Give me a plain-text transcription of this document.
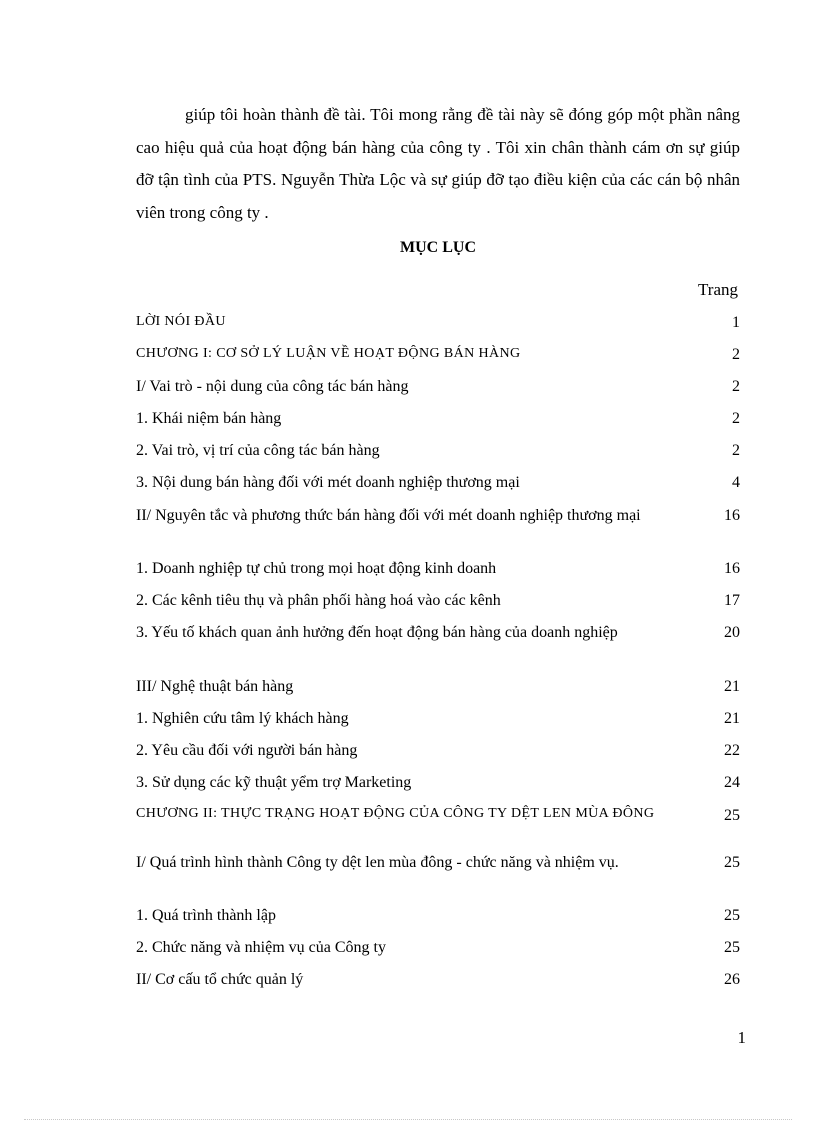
giúp tôi hoàn thành đề tài. Tôi mong rằng đề tài này sẽ đóng góp một phần nâng cao hiệu quả của hoạt động bán hàng của công ty . Tôi xin chân thành cám ơn sự giúp đỡ tận tình của PTS. Nguyễn Thừa Lộc và sự giúp đỡ tạo điều kiện của các cán bộ nhân viên trong công ty .

MỤC LỤC
Trang
LỜI NÓI ĐẦU	1
CHƯƠNG I: CƠ SỞ LÝ LUẬN VỀ HOẠT ĐỘNG BÁN HÀNG	2
I/ Vai trò - nội dung của công tác bán hàng	2
1. Khái niệm bán hàng	2
2. Vai trò, vị trí của công tác bán hàng	2
3. Nội dung bán hàng đối với mét doanh nghiệp thương mại	4
II/ Nguyên tắc và phương thức bán hàng đối với mét doanh nghiệp thương mại	16
1. Doanh nghiệp tự chủ trong mọi hoạt động kinh doanh	16
2. Các kênh tiêu thụ và phân phối hàng hoá vào các kênh	17
3. Yếu tố khách quan ảnh hưởng đến hoạt động bán hàng của doanh nghiệp	20
III/ Nghệ thuật bán hàng	21
1. Nghiên cứu tâm lý khách hàng	21
2. Yêu cầu đối với người bán hàng	22
3. Sử dụng các kỹ thuật yểm trợ Marketing	24
CHƯƠNG II: THỰC TRẠNG HOẠT ĐỘNG CỦA CÔNG TY DỆT LEN MÙA ĐÔNG	25
I/ Quá trình hình thành Công ty dệt len mùa đông - chức năng và nhiệm vụ.	25
1. Quá trình thành lập	25
2. Chức năng và nhiệm vụ của Công ty	25
II/ Cơ cấu tổ chức quản lý	26
1
